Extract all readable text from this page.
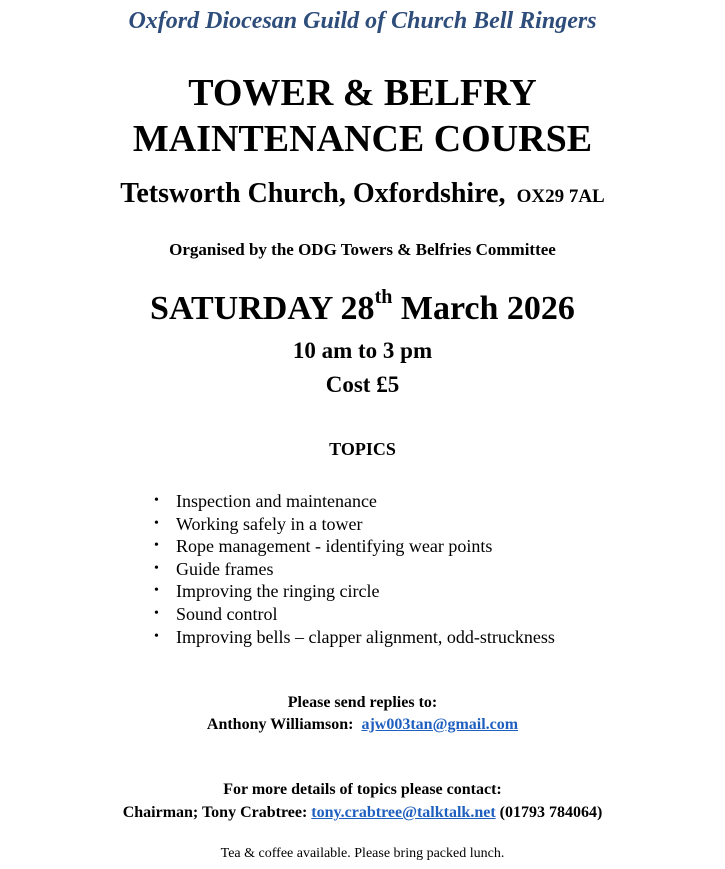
Oxford Diocesan Guild of Church Bell Ringers
TOWER & BELFRY
MAINTENANCE COURSE
Tetsworth Church, Oxfordshire, OX29 7AL
Organised by the ODG Towers & Belfries Committee
SATURDAY 28th March 2026
10 am to 3 pm
Cost £5
TOPICS
• Inspection and maintenance
• Working safely in a tower
• Rope management - identifying wear points
• Guide frames
• Improving the ringing circle
• Sound control
• Improving bells – clapper alignment, odd-struckness
Please send replies to:
Anthony Williamson: ajw003tan@gmail.com
For more details of topics please contact:
Chairman; Tony Crabtree: tony.crabtree@talktalk.net (01793 784064)
Tea & coffee available. Please bring packed lunch.
